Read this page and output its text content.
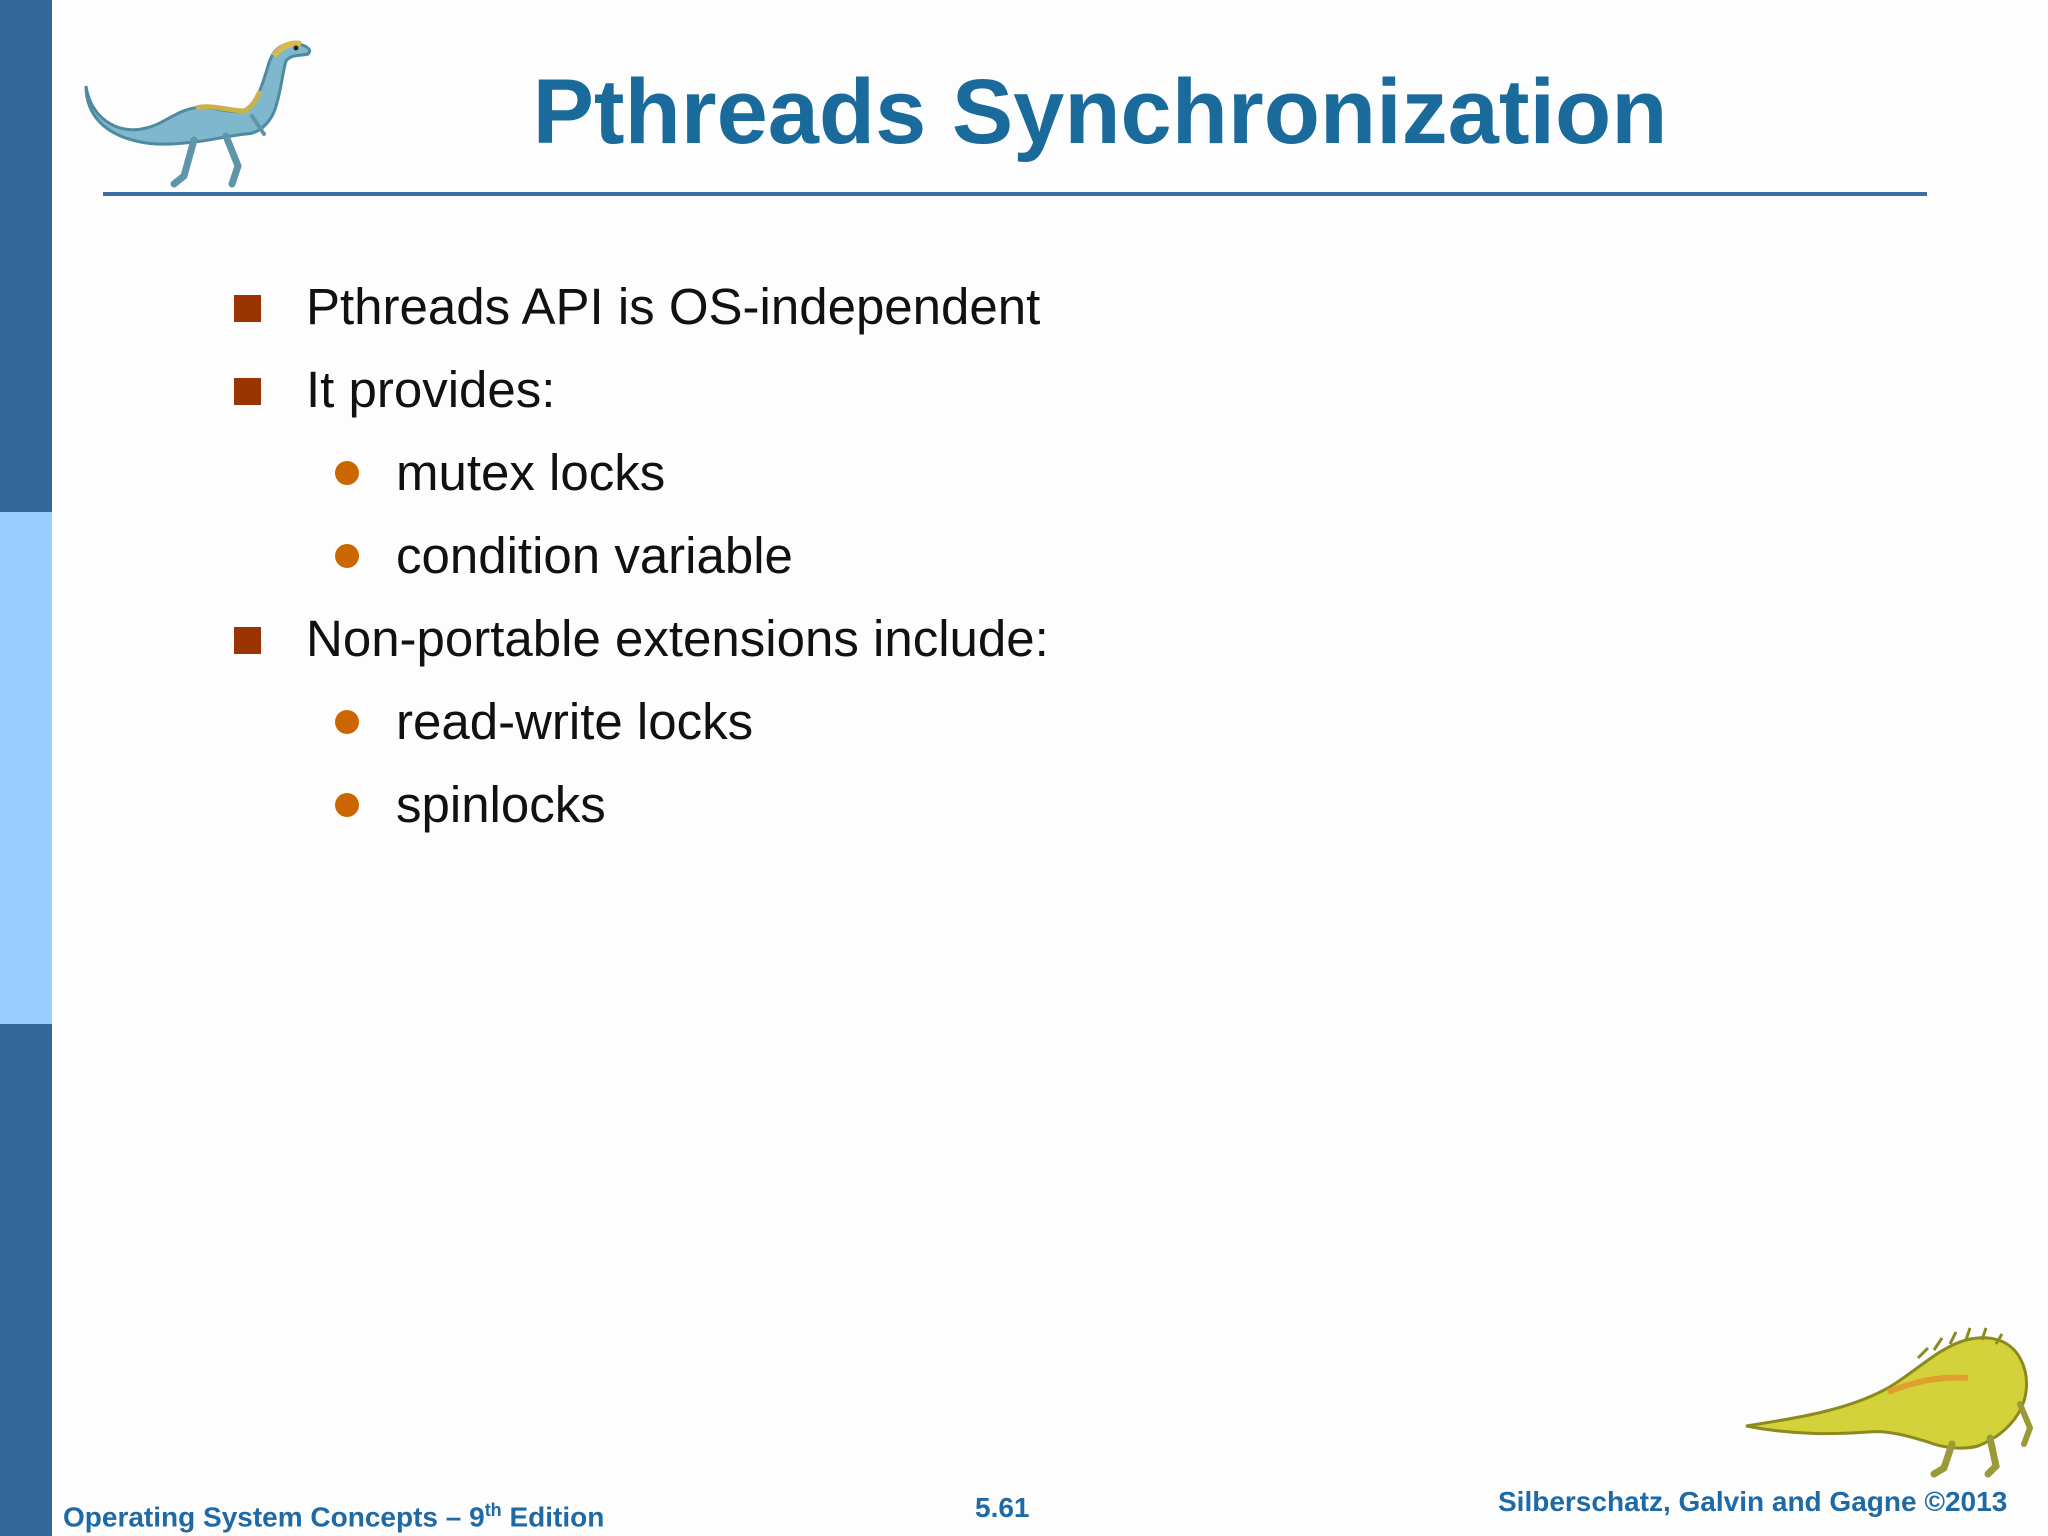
Pthreads Synchronization
Pthreads API is OS-independent
It provides:
mutex locks
condition variable
Non-portable extensions include:
read-write locks
spinlocks
Operating System Concepts – 9th Edition	5.61	Silberschatz, Galvin and Gagne ©2013
